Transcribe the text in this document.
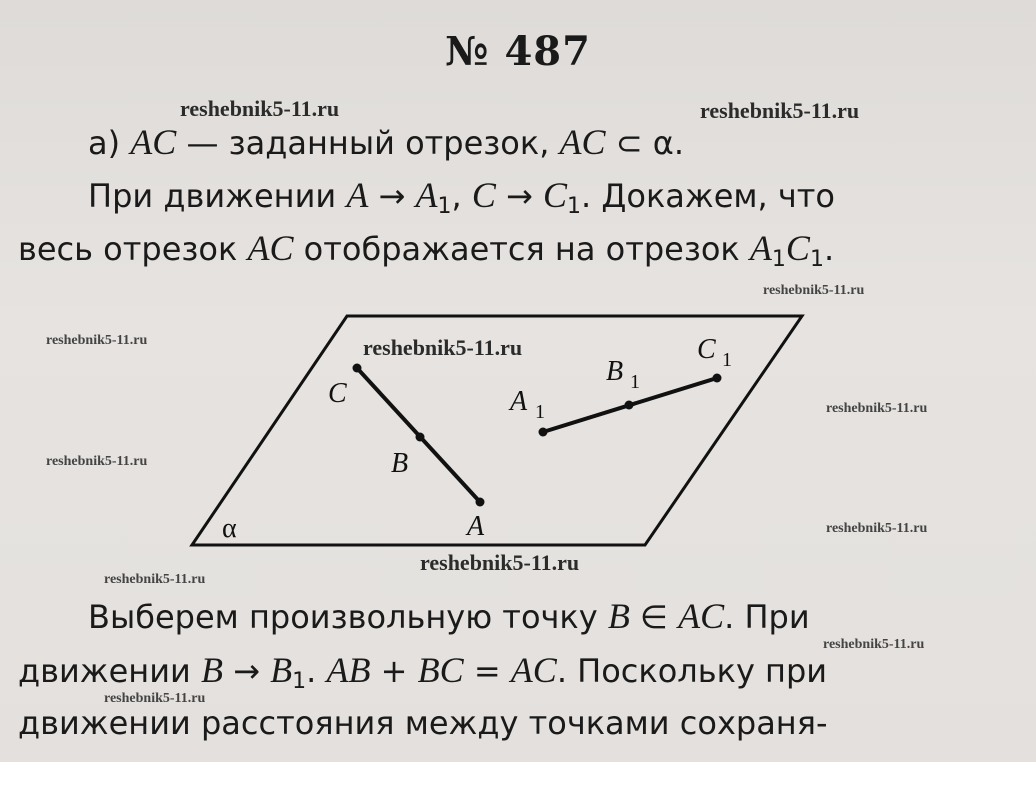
№ 487
а) AC — заданный отрезок, AC ⊂ α.
При движении $A \to A_1$, $C \to C_1$. Докажем, что
весь отрезок AC отображается на отрезок $A_1C_1$.
α
C
B
A
A 1
B 1
C 1
Выберем произвольную точку B ∈ AC. При
движении $B \to B_1$. AB + BC = AC. Поскольку при
движении расстояния между точками сохраня-
reshebnik5-11.ru	reshebnik5-11.ru
reshebnik5-11.ru
reshebnik5-11.ru	reshebnik5-11.ru
reshebnik5-11.ru
reshebnik5-11.ru
reshebnik5-11.ru
reshebnik5-11.ru
reshebnik5-11.ru
reshebnik5-11.ru
reshebnik5-11.ru
